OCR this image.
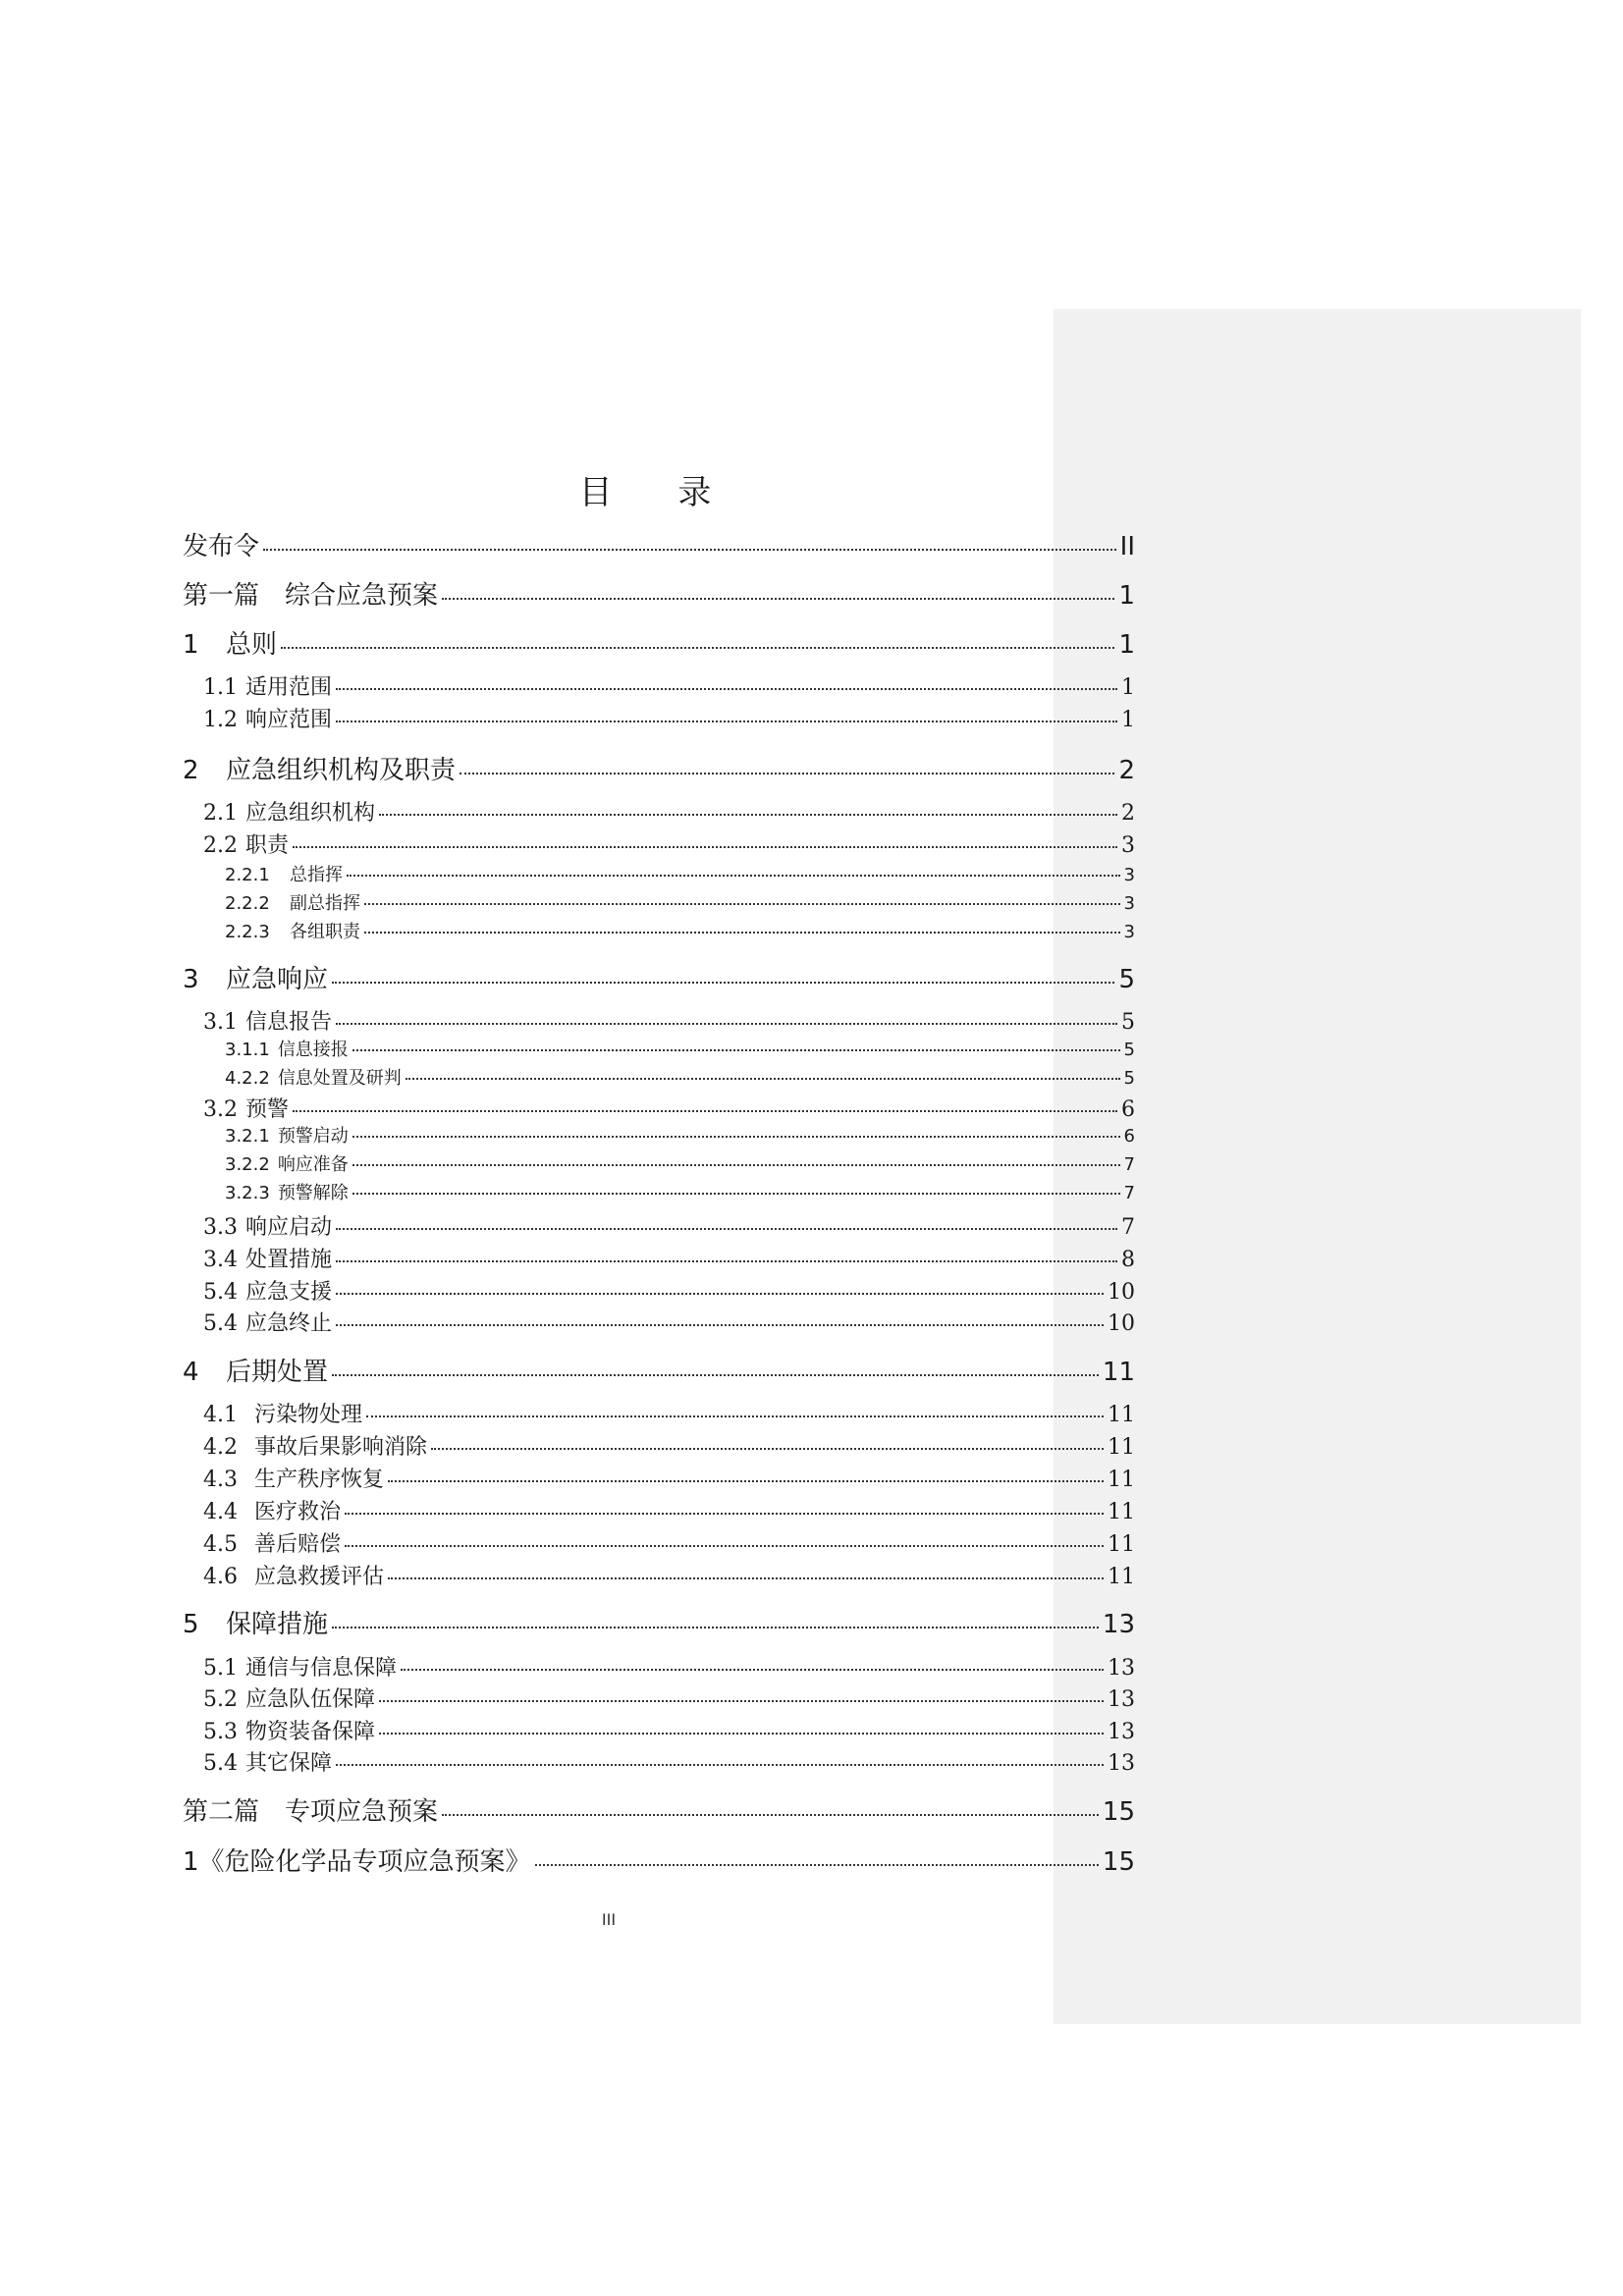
目 录
发布令	II
第一篇　综合应急预案	1
1	总则	1
1.1 适用范围	1
1.2 响应范围	1
2	应急组织机构及职责	2
2.1 应急组织机构	2
2.2 职责	3
2.2.1	总指挥	3
2.2.2	副总指挥	3
2.2.3	各组职责	3
3	应急响应	5
3.1 信息报告	5
3.1.1 信息接报	5
4.2.2 信息处置及研判	5
3.2 预警	6
3.2.1 预警启动	6
3.2.2 响应准备	7
3.2.3 预警解除	7
3.3 响应启动	7
3.4 处置措施	8
5.4 应急支援	10
5.4 应急终止	10
4	后期处置	11
4.1 污染物处理	11
4.2 事故后果影响消除	11
4.3 生产秩序恢复	11
4.4 医疗救治	11
4.5 善后赔偿	11
4.6 应急救援评估	11
5	保障措施	13
5.1 通信与信息保障	13
5.2 应急队伍保障	13
5.3 物资装备保障	13
5.4 其它保障	13
第二篇　专项应急预案	15
1《危险化学品专项应急预案》	15
III
